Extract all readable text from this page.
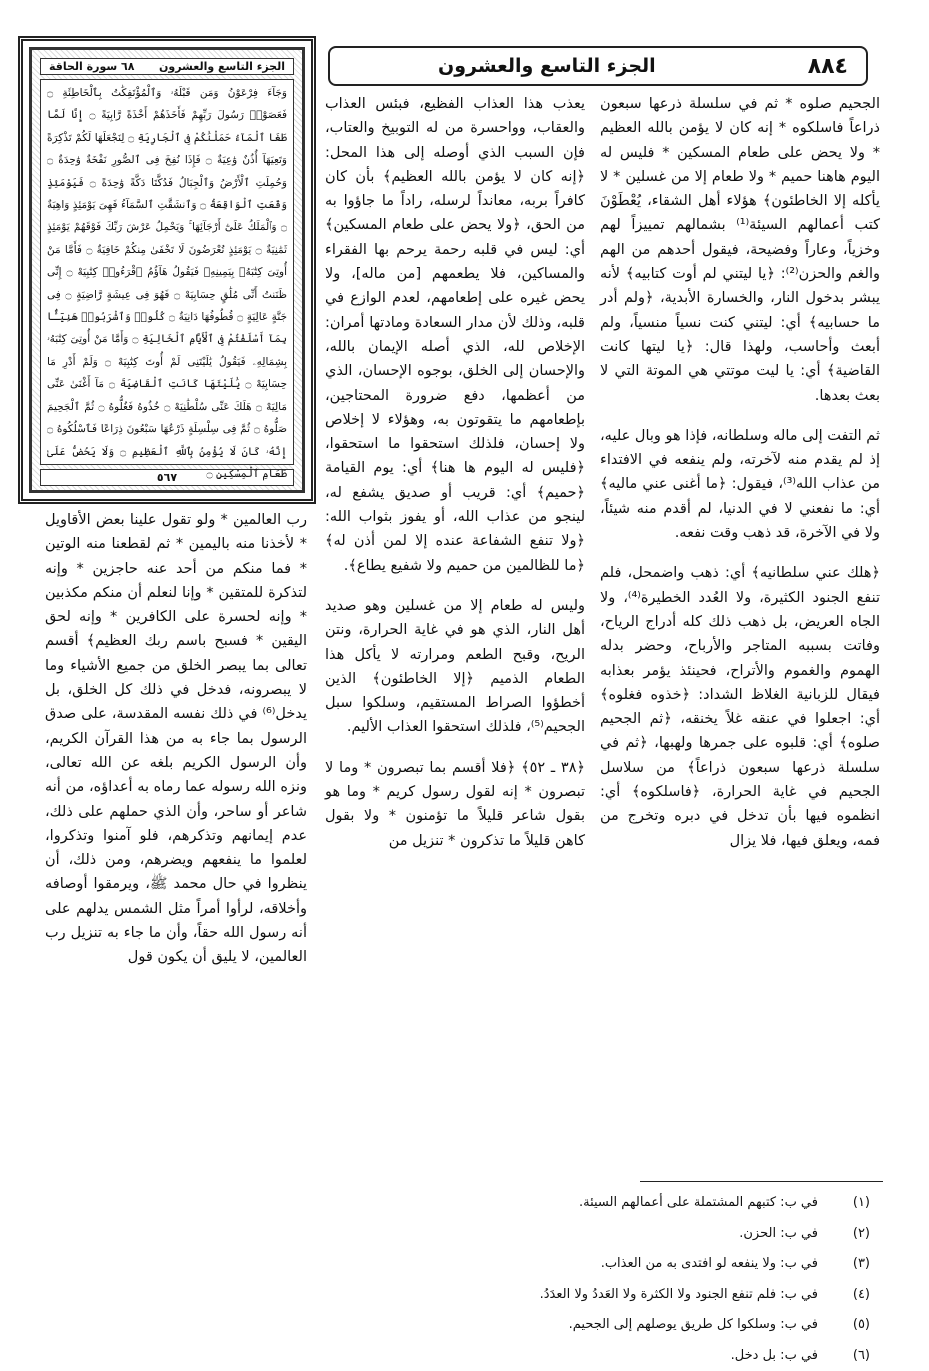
٨٨٤
الجزء التاسع والعشرون
الجزء التاسع والعشرون
٦٨ سورة الحاقة
وَجَآءَ فِرْعَوْنُ وَمَن قَبْلَهُۥ وَٱلْمُؤْتَفِكَٰتُ بِٱلْخَاطِئَةِ ۝ فَعَصَوْا۟ رَسُولَ رَبِّهِمْ فَأَخَذَهُمْ أَخْذَةً رَّابِيَةً ۝ إِنَّا لَمَّا طَغَا ٱلْمَآءُ حَمَلْنَٰكُمْ فِى ٱلْجَارِيَةِ ۝ لِنَجْعَلَهَا لَكُمْ تَذْكِرَةً وَتَعِيَهَآ أُذُنٌ وَٰعِيَةٌ ۝ فَإِذَا نُفِخَ فِى ٱلصُّورِ نَفْخَةٌ وَٰحِدَةٌ ۝ وَحُمِلَتِ ٱلْأَرْضُ وَٱلْجِبَالُ فَدُكَّتَا دَكَّةً وَٰحِدَةً ۝ فَيَوْمَئِذٍ وَقَعَتِ ٱلْوَاقِعَةُ ۝ وَٱنشَقَّتِ ٱلسَّمَآءُ فَهِىَ يَوْمَئِذٍ وَاهِيَةٌ ۝ وَٱلْمَلَكُ عَلَىٰٓ أَرْجَآئِهَا ۚ وَيَحْمِلُ عَرْشَ رَبِّكَ فَوْقَهُمْ يَوْمَئِذٍ ثَمَٰنِيَةٌ ۝ يَوْمَئِذٍ تُعْرَضُونَ لَا تَخْفَىٰ مِنكُمْ خَافِيَةٌ ۝ فَأَمَّا مَنْ أُوتِىَ كِتَٰبَهُۥ بِيَمِينِهِۦ فَيَقُولُ هَآؤُمُ ٱقْرَءُوا۟ كِتَٰبِيَهْ ۝ إِنِّى ظَنَنتُ أَنِّى مُلَٰقٍ حِسَابِيَهْ ۝ فَهُوَ فِى عِيشَةٍ رَّاضِيَةٍ ۝ فِى جَنَّةٍ عَالِيَةٍ ۝ قُطُوفُهَا دَانِيَةٌ ۝ كُلُوا۟ وَٱشْرَبُوا۟ هَنِيٓـًٔۢا بِمَآ أَسْلَفْتُمْ فِى ٱلْأَيَّامِ ٱلْخَالِيَةِ ۝ وَأَمَّا مَنْ أُوتِىَ كِتَٰبَهُۥ بِشِمَالِهِۦ فَيَقُولُ يَٰلَيْتَنِى لَمْ أُوتَ كِتَٰبِيَهْ ۝ وَلَمْ أَدْرِ مَا حِسَابِيَهْ ۝ يَٰلَيْتَهَا كَانَتِ ٱلْقَاضِيَةَ ۝ مَآ أَغْنَىٰ عَنِّى مَالِيَهْ ۝ هَلَكَ عَنِّى سُلْطَٰنِيَهْ ۝ خُذُوهُ فَغُلُّوهُ ۝ ثُمَّ ٱلْجَحِيمَ صَلُّوهُ ۝ ثُمَّ فِى سِلْسِلَةٍ ذَرْعُهَا سَبْعُونَ ذِرَاعًا فَٱسْلُكُوهُ ۝ إِنَّهُۥ كَانَ لَا يُؤْمِنُ بِٱللَّهِ ٱلْعَظِيمِ ۝ وَلَا يَحُضُّ عَلَىٰ طَعَامِ ٱلْمِسْكِينِ ۝
٥٦٧

الجحيم صلوه * ثم في سلسلة ذرعها سبعون ذراعاً فاسلكوه * إنه كان لا يؤمن بالله العظيم * ولا يحض على طعام المسكين * فليس له اليوم هاهنا حميم * ولا طعام إلا من غسلين * لا يأكله إلا الخاطئون﴾ هؤلاء أهل الشقاء، يُعْطَوْنَ كتب أعمالهم السيئة⁽¹⁾ بشمالهم تمييزاً لهم وخزياً، وعاراً وفضيحة، فيقول أحدهم من الهم والغم والحزن⁽²⁾: ﴿يا ليتني لم أوت كتابيه﴾ لأنه يبشر بدخول النار، والخسارة الأبدية، ﴿ولم أدر ما حسابيه﴾ أي: ليتني كنت نسياً منسياً، ولم أبعث وأحاسب، ولهذا قال: ﴿يا ليتها كانت القاضية﴾ أي: يا ليت موتتي هي الموتة التي لا بعث بعدها.

ثم التفت إلى ماله وسلطانه، فإذا هو وبال عليه، إذ لم يقدم منه لآخرته، ولم ينفعه في الافتداء من عذاب الله⁽³⁾، فيقول: ﴿ما أغنى عني ماليه﴾ أي: ما نفعني لا في الدنيا، لم أقدم منه شيئاً، ولا في الآخرة، قد ذهب وقت نفعه.

﴿هلك عني سلطانيه﴾ أي: ذهب واضمحل، فلم تنفع الجنود الكثيرة، ولا العُدد الخطيرة⁽⁴⁾، ولا الجاه العريض، بل ذهب ذلك كله أدراج الرياح، وفاتت بسببه المتاجر والأرباح، وحضر بدله الهموم والغموم والأتراح، فحينئذ يؤمر بعذابه فيقال للزبانية الغلاظ الشداد: ﴿خذوه فغلوه﴾ أي: اجعلوا في عنقه غلاً يخنقه، ﴿ثم الجحيم صلوه﴾ أي: قلبوه على جمرها ولهبها، ﴿ثم في سلسلة ذرعها سبعون ذراعاً﴾ من سلاسل الجحيم في غاية الحرارة، ﴿فاسلكوه﴾ أي: انظموه فيها بأن تدخل في دبره وتخرج من فمه، ويعلق فيها، فلا يزال

يعذب هذا العذاب الفظيع، فبئس العذاب والعقاب، وواحسرة من له التوبيخ والعتاب، فإن السبب الذي أوصله إلى هذا المحل: ﴿إنه كان لا يؤمن بالله العظيم﴾ بأن كان كافراً بربه، معانداً لرسله، راداً ما جاؤوا به من الحق، ﴿ولا يحض على طعام المسكين﴾ أي: ليس في قلبه رحمة يرحم بها الفقراء والمساكين، فلا يطعمهم [من ماله]، ولا يحض غيره على إطعامهم، لعدم الوازع في قلبه، وذلك لأن مدار السعادة ومادتها أمران: الإخلاص لله، الذي أصله الإيمان بالله، والإحسان إلى الخلق، بوجوه الإحسان، الذي من أعظمها، دفع ضرورة المحتاجين، بإطعامهم ما يتقوتون به، وهؤلاء لا إخلاص ولا إحسان، فلذلك استحقوا ما استحقوا، ﴿فليس له اليوم ها هنا﴾ أي: يوم القيامة ﴿حميم﴾ أي: قريب أو صديق يشفع له، لينجو من عذاب الله، أو يفوز بثواب الله: ﴿ولا تنفع الشفاعة عنده إلا لمن أذن له﴾ ﴿ما للظالمين من حميم ولا شفيع يطاع﴾.

وليس له طعام إلا من غسلين وهو صديد أهل النار، الذي هو في غاية الحرارة، ونتن الريح، وقبح الطعم ومرارته لا يأكل هذا الطعام الذميم ﴿إلا الخاطئون﴾ الذين أخطؤوا الصراط المستقيم، وسلكوا سبل الجحيم⁽⁵⁾، فلذلك استحقوا العذاب الأليم.

﴿٣٨ ـ ٥٢﴾ ﴿فلا أقسم بما تبصرون * وما لا تبصرون * إنه لقول رسول كريم * وما هو بقول شاعر قليلاً ما تؤمنون * ولا بقول كاهن قليلاً ما تذكرون * تنزيل من

رب العالمين * ولو تقول علينا بعض الأقاويل * لأخذنا منه باليمين * ثم لقطعنا منه الوتين * فما منكم من أحد عنه حاجزين * وإنه لتذكرة للمتقين * وإنا لنعلم أن منكم مكذبين * وإنه لحسرة على الكافرين * وإنه لحق اليقين * فسبح باسم ربك العظيم﴾ أقسم تعالى بما يبصر الخلق من جميع الأشياء وما لا يبصرونه، فدخل في ذلك كل الخلق، بل يدخل⁽⁶⁾ في ذلك نفسه المقدسة، على صدق الرسول بما جاء به من هذا القرآن الكريم، وأن الرسول الكريم بلغه عن الله تعالى، ونزه الله رسوله عما رماه به أعداؤه، من أنه شاعر أو ساحر، وأن الذي حملهم على ذلك، عدم إيمانهم وتذكرهم، فلو آمنوا وتذكروا، لعلموا ما ينفعهم ويضرهم، ومن ذلك، أن ينظروا في حال محمد ﷺ، ويرمقوا أوصافه وأخلاقه، لرأوا أمراً مثل الشمس يدلهم على أنه رسول الله حقاً، وأن ما جاء به تنزيل رب العالمين، لا يليق أن يكون قول

(١)
في ب: كتبهم المشتملة على أعمالهم السيئة.
(٢)
في ب: الحزن.
(٣)
في ب: ولا ينفعه لو افتدى به من العذاب.
(٤)
في ب: فلم تنفع الجنود ولا الكثرة ولا العَددُ ولا العدَدُ.
(٥)
في ب: وسلكوا كل طريق يوصلهم إلى الجحيم.
(٦)
في ب: بل دخل.
